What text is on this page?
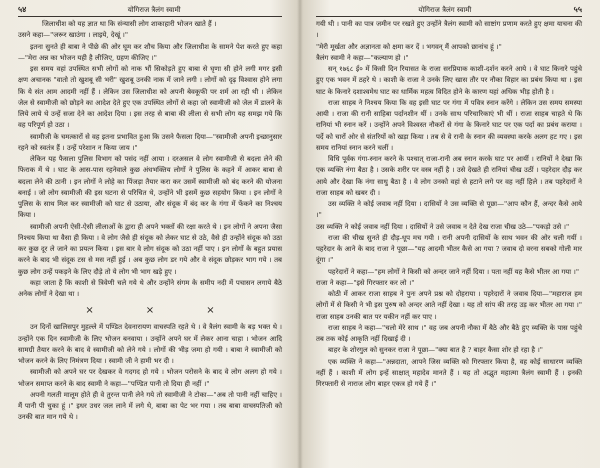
५४	योगिराज त्रैलंग स्वामी

जिलाधीश को यह ज्ञात था कि संन्यासी लोग शाकाहारी भोजन खाते हैं ।

उसने कहा—"जरूर खाउंगा । लाइये, देखूं ।"

इतना सुनते ही बाबा ने पीछे की ओर घूम कर शौच किया और जिलाधीश के सामने पेश करते हुए कहा—"मेरा अन्न का भोजन यही है लीजिए, ग्रहण कीजिए ।"

इस समय वहां उपस्थित सभी लोगों को नाक भौं सिकोड़ते हुए बाबा से घृणा सी होने लगी मगर इसी क्षण अचानक "वातो तो खुशबू सी भरी" खुशबू उनकी नाक में जाने लगी । लोगों को दृढ़ विश्वास होने लगा कि ये संत आम आदमी नहीं हैं । लेकिन उस जिलाधीश को अपनी बेवकूफी पर शर्म आ रही थी । लेकिन जेल से स्वामीजी को छोड़ने का आदेश देते हुए एक उपस्थित लोगों से कहा जो स्वामीजी को जेल में डालने के लिये लाये थे उन्हें सजा देने का आदेश दिया । इस तरह से बाबा की लीला से सभी लोग यह समझ गये कि वह परिपूर्ण हो उठा ।

स्वामीजी के चमत्कारों से वह इतना प्रभावित हुआ कि उसने फैसला दिया—"स्वामीजी अपनी इच्छानुसार रहने को स्वतंत्र हैं । उन्हें परेशान न किया जाय ।"

लेकिन यह फैसला पुलिस विभाग को पसंद नहीं आया । दरअसल वे लोग स्वामीजी से बदला लेने की फिराक में थे । घाट के आस-पास रहनेवाले कुछ अंधभक्तिय लोगों ने पुलिस के कहने में आकर बाबा से बदला लेने की ठानी । इन लोगों ने लोहे का पिंजड़ा तैयार करा कर उसमें स्वामीजी को बंद करने की योजना बनाई । जो लोग स्वामीजी की इस घटना से परिचित थे, उन्होंने भी इसमें कुछ सहयोग किया । इन लोगों ने पुलिस के साथ मिल कर स्वामीजी को घाट से उठाया, और संदूक में बंद कर के गंगा में फेंकने का निश्चय किया ।

स्वामीजी अपनी ऐसी-ऐसी लीलाओं के द्वारा ही अपने भक्तों की रक्षा करते थे । इन लोगों ने अपना जैसा निश्चय किया था वैसा ही किया । वे लोग जैसे ही संदूक को लेकर घाट से उठे, वैसे ही उन्होंने संदूक को उठा कर कुछ दूर ले जाने का प्रयत्न किया । इस बार वे लोग संदूक को उठा नहीं पाए । इन लोगों के बहुत प्रयास करने के बाद भी संदूक टस से मस नहीं हुई । अब कुछ लोग डर गये और वे संदूक छोड़कर भाग गये । तब कुछ लोग उन्हें पकड़ने के लिए दौड़े तो ये लोग भी भाग खड़े हुए ।

कहा जाता है कि काशी से त्रिवेणी चले गये थे और उन्होंने संगम के समीप नदी में पचासन लगाये बैठे अनेक लोगों ने देखा था ।

×	×	×

उन दिनों खालिसपुर मुहल्ले में पण्डित देवनारायण वाचस्पति रहते थे । वे त्रैलंग स्वामी के बड़ भक्त थे । उन्होंने एक दिन स्वामीजी के लिए भोजन बनवाया । उन्होंने अपने घर में लेकर आना चाहा । भोजन आदि सामग्री तैयार करने के बाद वे स्वामीजी को लेने गये । लोगों की भीड़ जमा हो गयी । बाबा ने स्वामीजी को भोजन करने के लिए निमंत्रण दिया । स्वामी जी ने हामी भर दी ।

स्वामीजी को अपने घर पर देखकर वे गदगद हो गये । भोजन परोसने के बाद वे लोग अलग हो गये । भोजन समाप्त करने के बाद स्वामी ने कहा—"पण्डित पानी तो दिया ही नहीं ।"

अपनी गलती मालूम होते ही वे तुरन्त पानी लेने गये तो स्वामीजी ने टोका—"अब तो पानी नहीं चाहिए । मैं पानी पी चुका हूं ।" इधर उधर जल लाने में लगे थे, बाबा का पेट भर गया । तब बाबा वाचस्पतिजी को उनकी बात मान गये थे ।

योगिराज त्रैलंग स्वामी	५५

गयी थी । पानी का पात्र जमीन पर रखते हुए उन्होंने त्रैलंग स्वामी को साष्टांग प्रणाम करते हुए क्षमा याचना की ।

"मेरी मूर्खता और अज्ञानता को क्षमा कर दें । भगवन् मैं आपको छानांच हूं ।"

त्रैलंग स्वामी ने कहा—"कल्याण हो ।"

सन् १७६८ ई० में किसी दिन रियासत के राजा सरप्रियाक काशी-दर्शन करने आये । वे घाट किनारे पहुंचे हुए एक भवन में ठहरे थे । काशी के राजा ने उनके लिए खास तौर पर नौका विहार का प्रबंध किया था । इस घाट के किनारे दशाश्वमेध घाट का धार्मिक महत्व विदित होने के कारण यहां अधिक भीड़ होती है ।

राजा साहब ने निश्चय किया कि वह इसी घाट पर गंगा में पवित्र स्नान करेंगे । लेकिन उस समय समस्या आयी । राजा की रानी साहिबा पर्दानशीन थीं । उनके साथ परिचारिकाएं भी थीं । राजा साहब चाहते थे कि रानियां भी स्नान करें । उन्होंने अपने विश्वस्त नौकरों से गंगा के किनारे घाट पर एक पर्दा का प्रबंध कराया । पर्दे को चारों ओर से संतरियों को खड़ा किया । तब से वे रानी के स्नान की व्यवस्था करके अलग हट गए । इस समय रानियां स्नान करने चलीं ।

विधि पूर्वक गंगा-स्नान करने के पश्चात् राजा-रानी अब स्नान करके घाट पर आयीं । रानियों ने देखा कि एक व्यक्ति नंगा बैठा है । उसके शरीर पर वस्त्र नहीं है । उसे देखते ही रानियां चीख उठीं । पहरेदार दौड़ कर आये और देखा कि नंगा साधु बैठा है । वे लोग उनको वहां से हटाने लगे पर वह नहीं हिले । तब पहरेदारों ने राजा साहब को खबर दी ।

उस व्यक्ति ने कोई जवाब नहीं दिया । दासियों ने उस व्यक्ति से पूछा—"आप कौन हैं, अन्दर कैसे आये ।"

उस व्यक्ति ने कोई जवाब नहीं दिया । दासियों ने उसे जवाब न देते देख राजा चीख उठे—"पकड़ो उसे ।"

राजा की चीख सुनते ही दौड़-धूप मच गयी । रानी अपनी दासियों के साथ भवन की ओर चली गयीं । पहरेदार के आने के बाद राजा ने पूछा—"यह आदमी भीतर कैसे आ गया ? जवाब दो वरना सबको गोली मार दूंगा ।"

पहरेदारों ने कहा—"हम लोगों ने किसी को अन्दर जाने नहीं दिया । पता नहीं यह कैसे भीतर आ गया ।"

राजा ने कहा—"इसे गिरफ्तार कर लो ।"

कोठी में आकर राजा साहब ने पुनः अपने प्रश्न को दोहराया । पहरेदारों ने जवाब दिया—"महाराज हम लोगों में से किसी ने भी इस पुरुष को अन्दर आते नहीं देखा । यह तो सांप की तरह उड़ कर भीतर आ गया ।" राजा साहब उनकी बात पर यकीन नहीं कर पाए ।

राजा साहब ने कहा—"चलो मेरे साथ ।" वह जब अपनी नौका में बैठे और बैठे हुए व्यक्ति के पास पहुंचे तब तक कोई आकृति नहीं दिखाई दी ।

बाहर के शोरगुल को सुनकर राजा ने पूछा—"क्या बात है ? बाहर कैसा शोर हो रहा है ।"

एक व्यक्ति ने कहा—"अन्नदाता, आपने जिस व्यक्ति को गिरफ्तार किया है, वह कोई साधारण व्यक्ति नहीं हैं । काशी में लोग इन्हें साक्षात् महादेव मानते हैं । यह तो अद्भुत महात्मा त्रैलंग स्वामी हैं । इनकी गिरफ्तारी से नाराज लोग बाहर एकत्र हो गये हैं ।"
